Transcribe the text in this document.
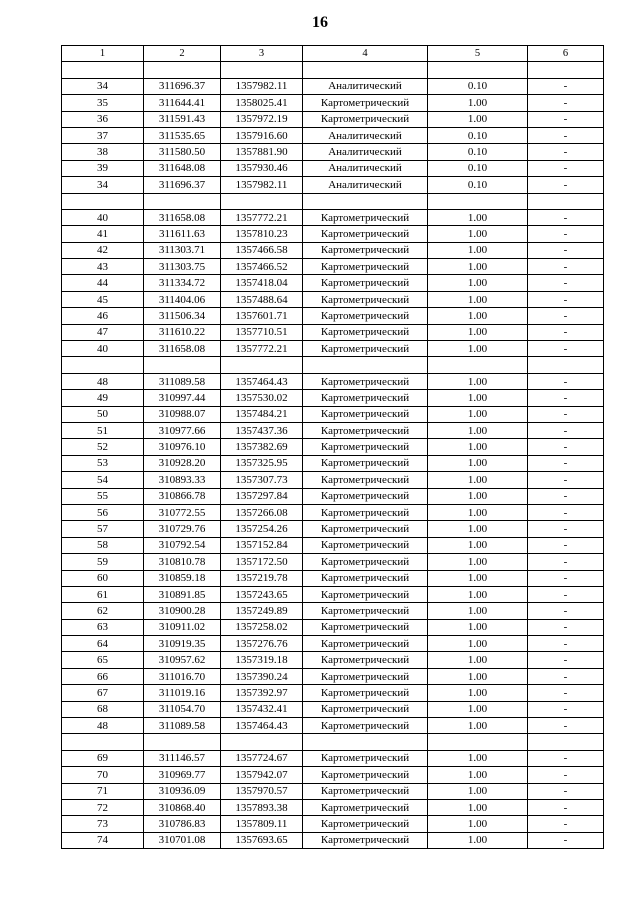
16
1	2	3	4	5	6

34	311696.37	1357982.11	Аналитический	0.10	-
35	311644.41	1358025.41	Картометрический	1.00	-
36	311591.43	1357972.19	Картометрический	1.00	-
37	311535.65	1357916.60	Аналитический	0.10	-
38	311580.50	1357881.90	Аналитический	0.10	-
39	311648.08	1357930.46	Аналитический	0.10	-
34	311696.37	1357982.11	Аналитический	0.10	-

40	311658.08	1357772.21	Картометрический	1.00	-
41	311611.63	1357810.23	Картометрический	1.00	-
42	311303.71	1357466.58	Картометрический	1.00	-
43	311303.75	1357466.52	Картометрический	1.00	-
44	311334.72	1357418.04	Картометрический	1.00	-
45	311404.06	1357488.64	Картометрический	1.00	-
46	311506.34	1357601.71	Картометрический	1.00	-
47	311610.22	1357710.51	Картометрический	1.00	-
40	311658.08	1357772.21	Картометрический	1.00	-

48	311089.58	1357464.43	Картометрический	1.00	-
49	310997.44	1357530.02	Картометрический	1.00	-
50	310988.07	1357484.21	Картометрический	1.00	-
51	310977.66	1357437.36	Картометрический	1.00	-
52	310976.10	1357382.69	Картометрический	1.00	-
53	310928.20	1357325.95	Картометрический	1.00	-
54	310893.33	1357307.73	Картометрический	1.00	-
55	310866.78	1357297.84	Картометрический	1.00	-
56	310772.55	1357266.08	Картометрический	1.00	-
57	310729.76	1357254.26	Картометрический	1.00	-
58	310792.54	1357152.84	Картометрический	1.00	-
59	310810.78	1357172.50	Картометрический	1.00	-
60	310859.18	1357219.78	Картометрический	1.00	-
61	310891.85	1357243.65	Картометрический	1.00	-
62	310900.28	1357249.89	Картометрический	1.00	-
63	310911.02	1357258.02	Картометрический	1.00	-
64	310919.35	1357276.76	Картометрический	1.00	-
65	310957.62	1357319.18	Картометрический	1.00	-
66	311016.70	1357390.24	Картометрический	1.00	-
67	311019.16	1357392.97	Картометрический	1.00	-
68	311054.70	1357432.41	Картометрический	1.00	-
48	311089.58	1357464.43	Картометрический	1.00	-

69	311146.57	1357724.67	Картометрический	1.00	-
70	310969.77	1357942.07	Картометрический	1.00	-
71	310936.09	1357970.57	Картометрический	1.00	-
72	310868.40	1357893.38	Картометрический	1.00	-
73	310786.83	1357809.11	Картометрический	1.00	-
74	310701.08	1357693.65	Картометрический	1.00	-
